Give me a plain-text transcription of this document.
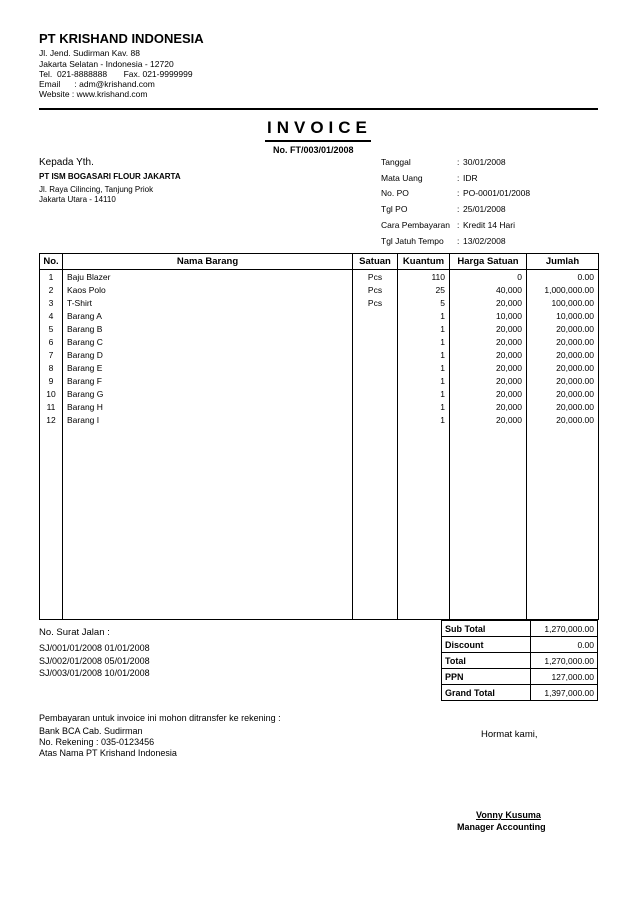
PT KRISHAND INDONESIA
Jl. Jend. Sudirman Kav. 88
Jakarta Selatan - Indonesia - 12720
Tel.  021-8888888       Fax. 021-9999999
Email      : adm@krishand.com
Website : www.krishand.com
INVOICE
No. FT/003/01/2008
Kepada Yth.
PT ISM BOGASARI FLOUR JAKARTA
Jl. Raya Cilincing, Tanjung Priok
Jakarta Utara - 14110
Tanggal	: 30/01/2008
Mata Uang	: IDR
No. PO	: PO-0001/01/2008
Tgl PO	: 25/01/2008
Cara Pembayaran : Kredit 14 Hari
Tgl Jatuh Tempo : 13/02/2008
No.	Nama Barang	Satuan	Kuantum	Harga Satuan	Jumlah
1	Baju Blazer	Pcs	110	0	0.00
2	Kaos Polo	Pcs	25	40,000	1,000,000.00
3	T-Shirt	Pcs	5	20,000	100,000.00
4	Barang A		1	10,000	10,000.00
5	Barang B		1	20,000	20,000.00
6	Barang C		1	20,000	20,000.00
7	Barang D		1	20,000	20,000.00
8	Barang E		1	20,000	20,000.00
9	Barang F		1	20,000	20,000.00
10	Barang G		1	20,000	20,000.00
11	Barang H		1	20,000	20,000.00
12	Barang I		1	20,000	20,000.00

No. Surat Jalan :
SJ/001/01/2008 01/01/2008
SJ/002/01/2008 05/01/2008
SJ/003/01/2008 10/01/2008
Sub Total	1,270,000.00
Discount	0.00
Total	1,270,000.00
PPN	127,000.00
Grand Total	1,397,000.00
Pembayaran untuk invoice ini mohon ditransfer ke rekening :
Bank BCA Cab. Sudirman
No. Rekening : 035-0123456
Atas Nama PT Krishand Indonesia
Hormat kami,
Vonny Kusuma
Manager Accounting
